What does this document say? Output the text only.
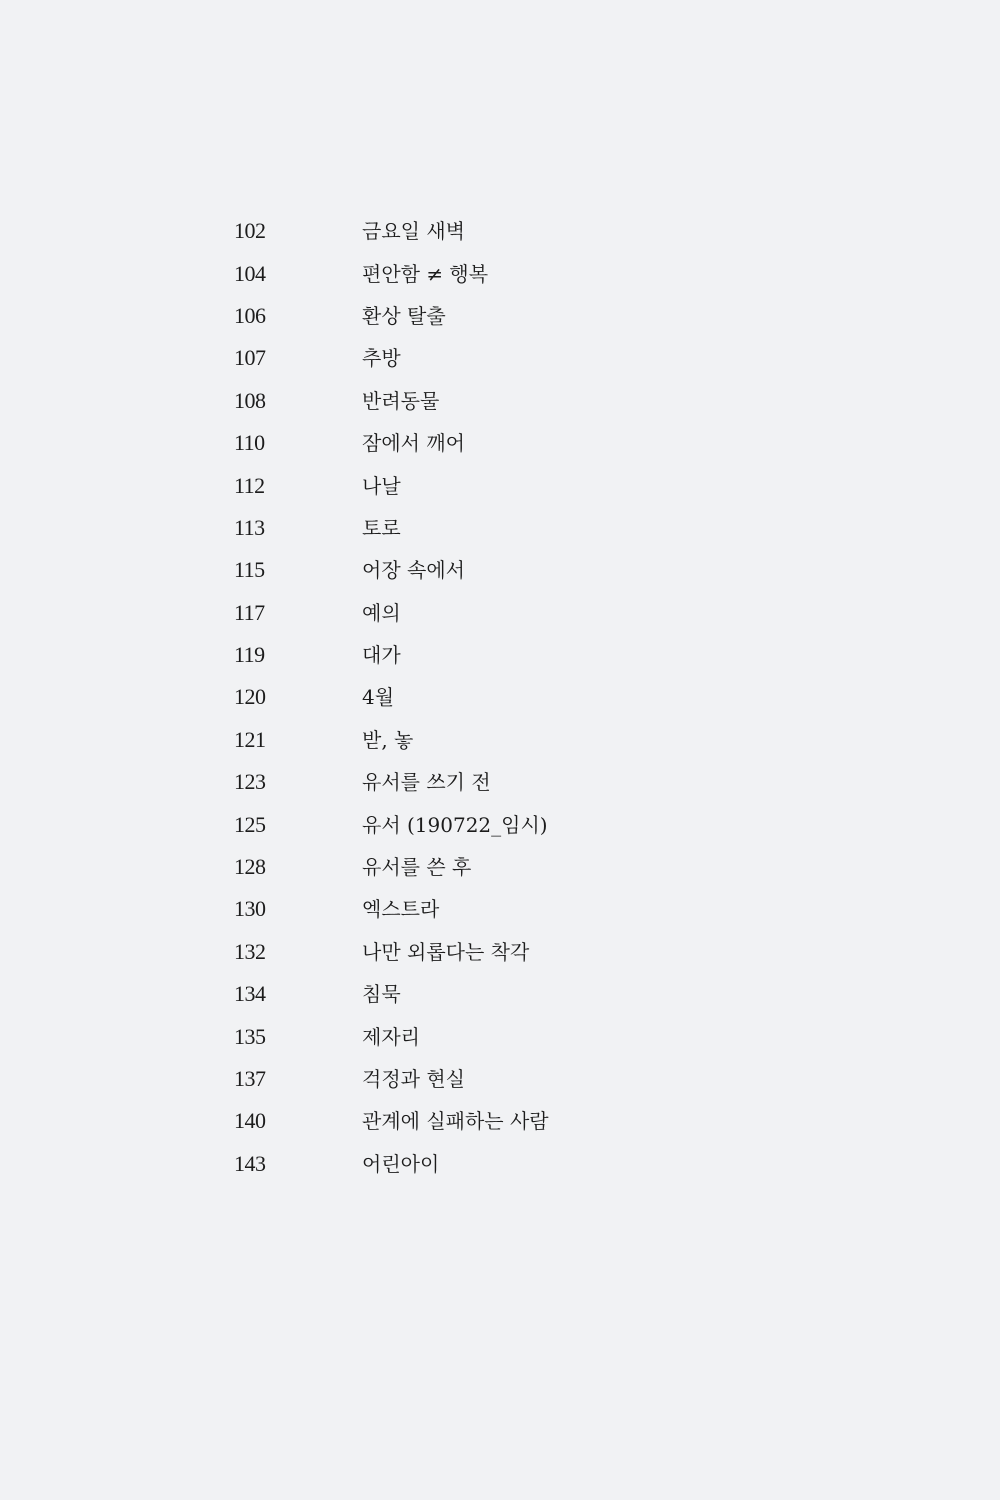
102	금요일 새벽
104	편안함 ≠ 행복
106	환상 탈출
107	추방
108	반려동물
110	잠에서 깨어
112	나날
113	토로
115	어장 속에서
117	예의
119	대가
120	4월
121	받, 놓
123	유서를 쓰기 전
125	유서 (190722_임시)
128	유서를 쓴 후
130	엑스트라
132	나만 외롭다는 착각
134	침묵
135	제자리
137	걱정과 현실
140	관계에 실패하는 사람
143	어린아이
